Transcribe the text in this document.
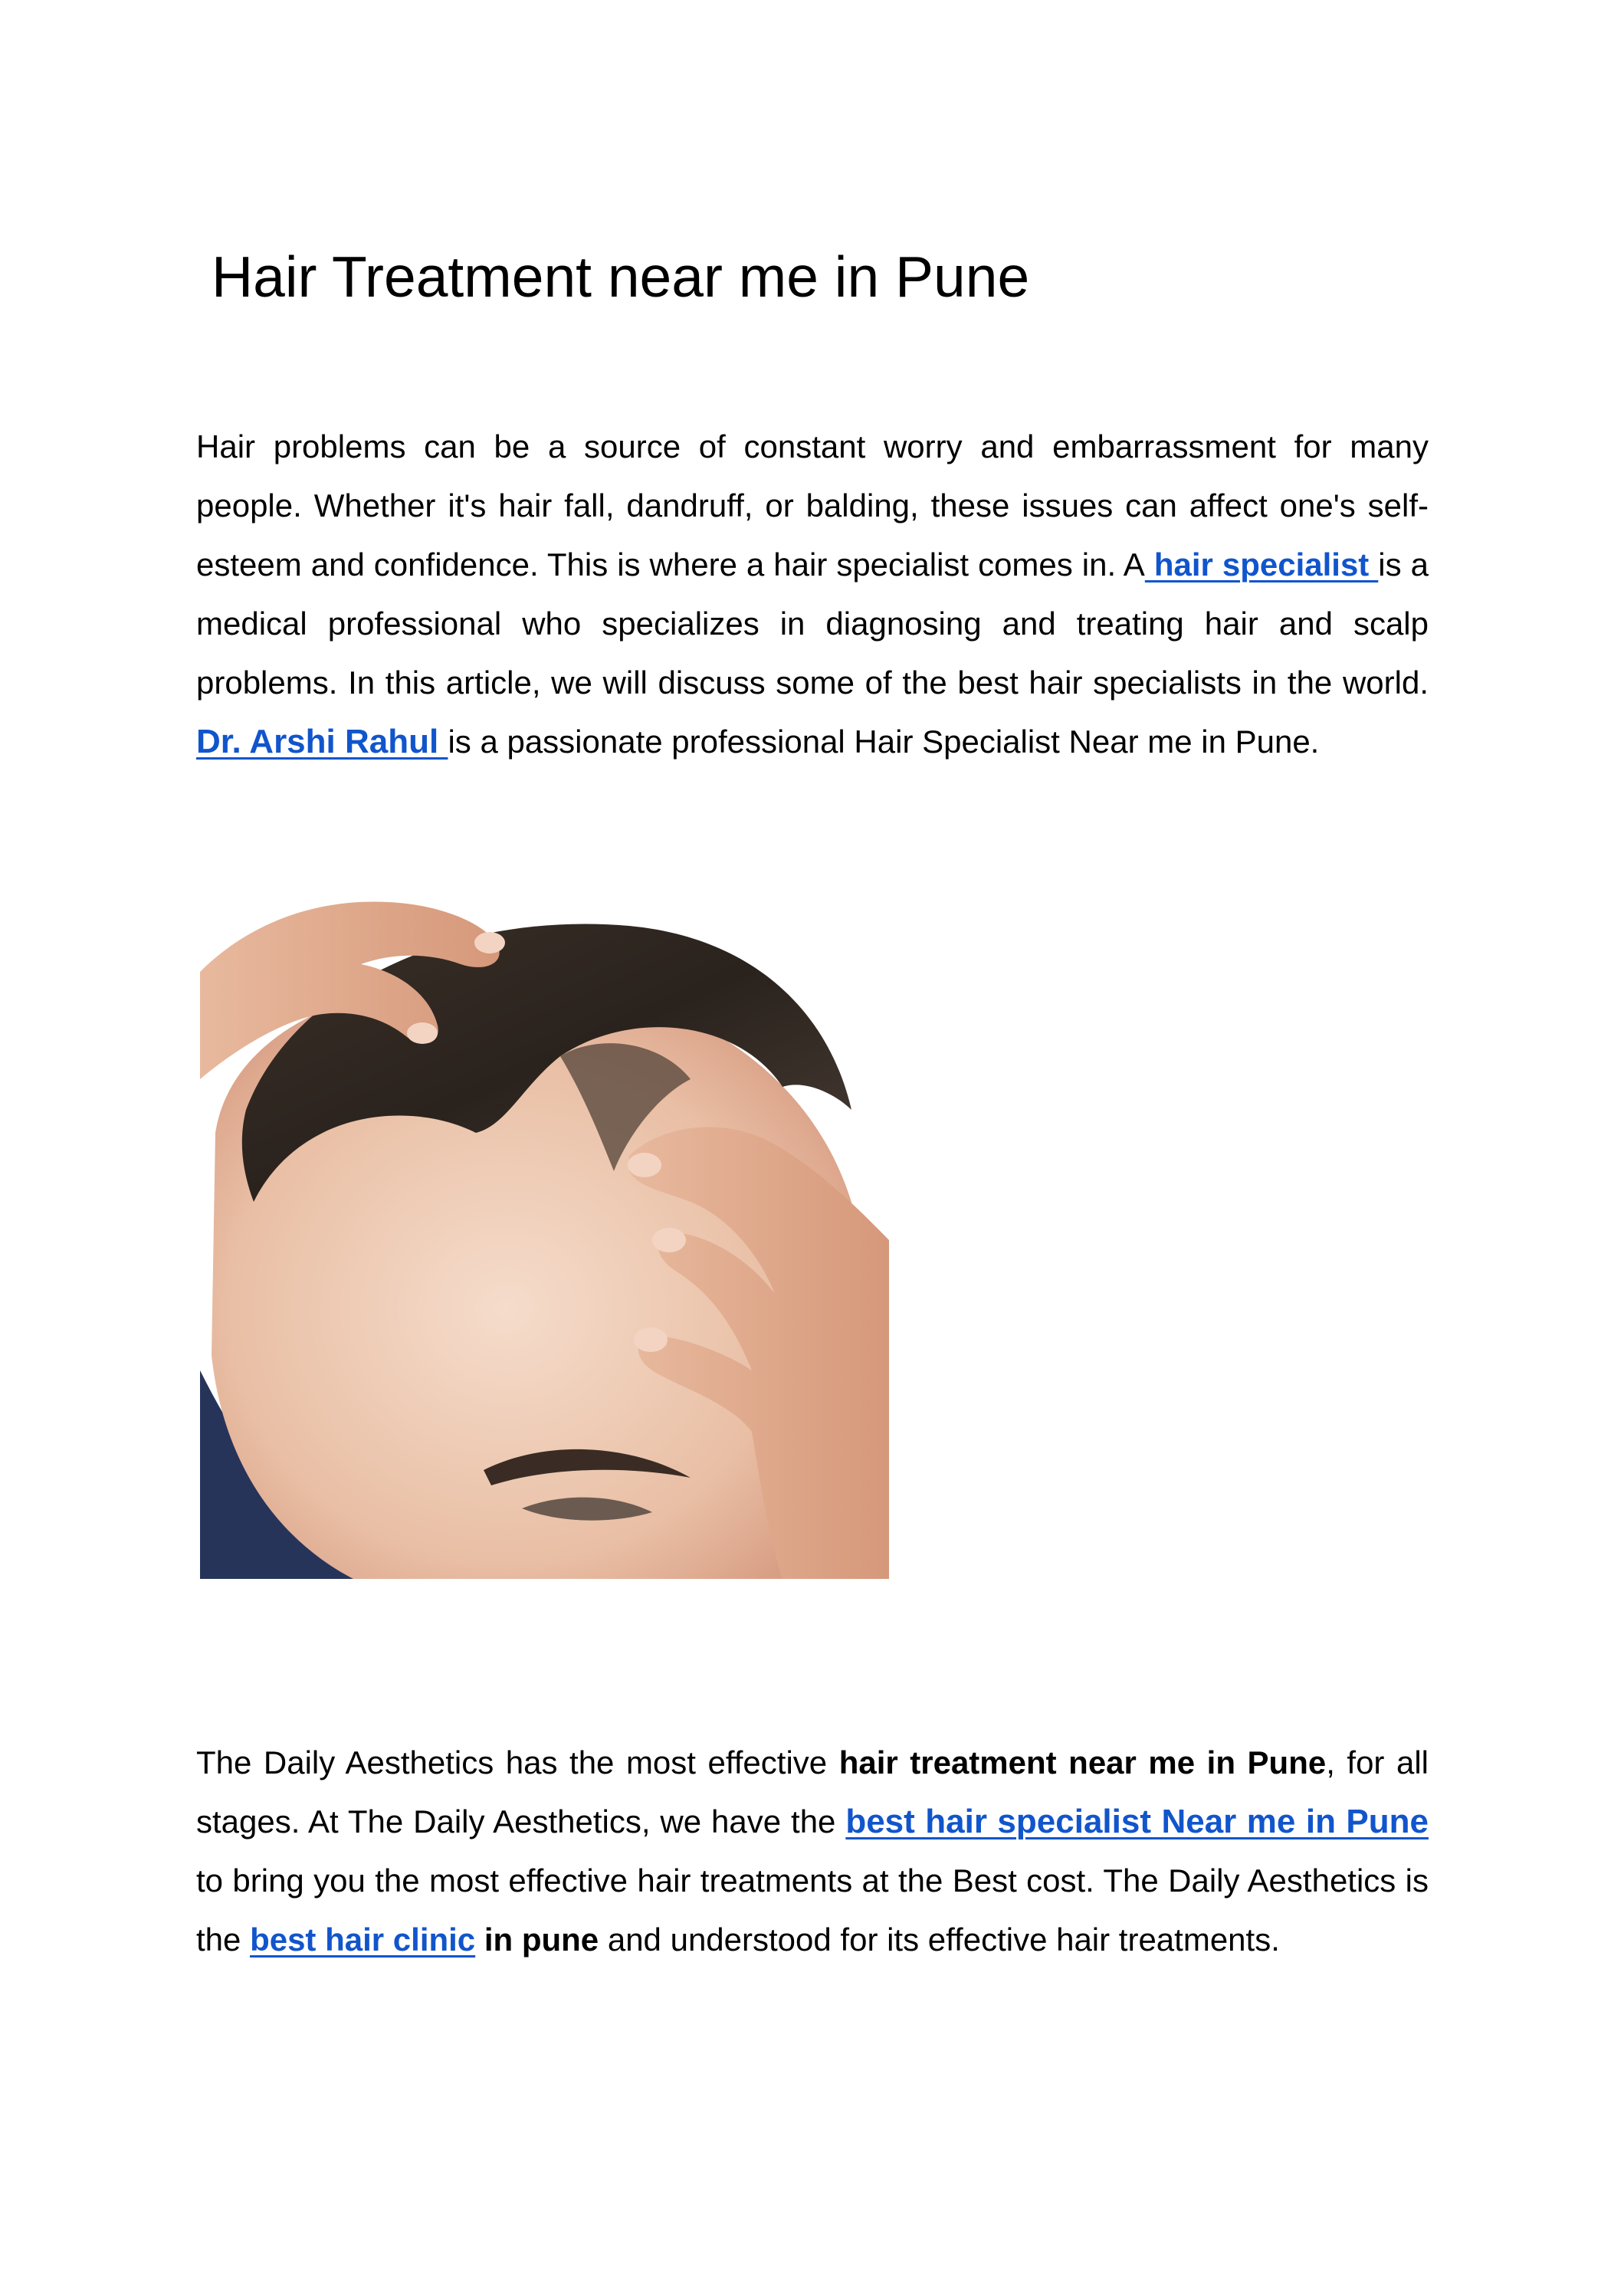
Hair Treatment near me in Pune

Hair problems can be a source of constant worry and embarrassment for many people. Whether it's hair fall, dandruff, or balding, these issues can affect one's self-esteem and confidence. This is where a hair specialist comes in. A hair specialist is a medical professional who specializes in diagnosing and treating hair and scalp problems. In this article, we will discuss some of the best hair specialists in the world. Dr. Arshi Rahul is a passionate professional Hair Specialist Near me in Pune.

The Daily Aesthetics has the most effective hair treatment near me in Pune, for all stages. At The Daily Aesthetics, we have the best hair specialist Near me in Pune to bring you the most effective hair treatments at the Best cost. The Daily Aesthetics is the best hair clinic in pune and understood for its effective hair treatments.
